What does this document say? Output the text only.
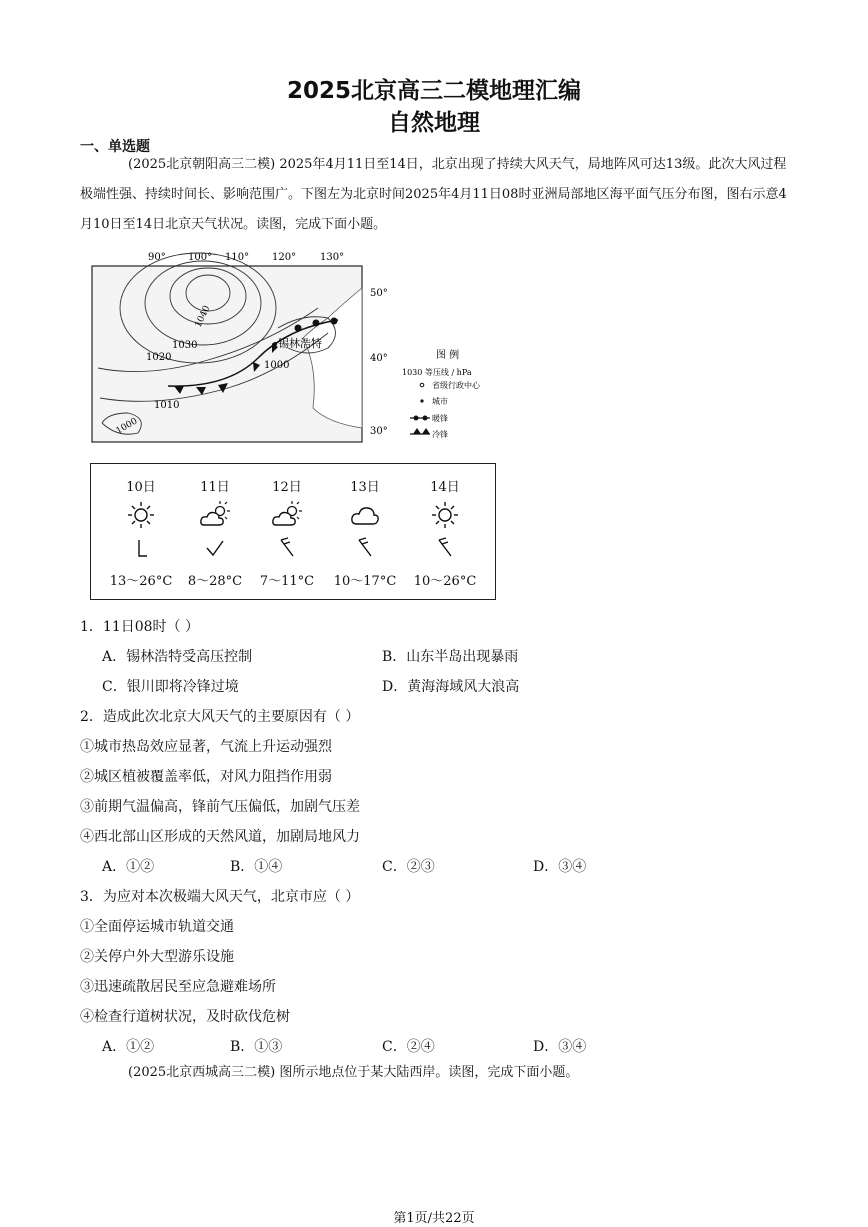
2025北京高三二模地理汇编
自然地理
一、单选题
(2025北京朝阳高三二模) 2025年4月11日至14日，北京出现了持续大风天气，局地阵风可达13级。此次大风过程极端性强、持续时间长、影响范围广。下图左为北京时间2025年4月11日08时亚洲局部地区海平面气压分布图，图右示意4月10日至14日北京天气状况。读图，完成下面小题。
90° 100° 110° 120° 130°
1040
1030
1020
1010
1000
1000
锡林浩特
50°
40°
30°
图 例
1030 等压线 / hPa
省级行政中心
城市
暖锋
冷锋
10日
13～26°C
11日
8～28°C
12日
7～11°C
13日
10～17°C
14日
10～26°C
1．11日08时（ ）
A．锡林浩特受高压控制	B．山东半岛出现暴雨
C．银川即将冷锋过境	D．黄海海域风大浪高
2．造成此次北京大风天气的主要原因有（ ）
①城市热岛效应显著，气流上升运动强烈
②城区植被覆盖率低，对风力阻挡作用弱
③前期气温偏高，锋前气压偏低，加剧气压差
④西北部山区形成的天然风道，加剧局地风力
A．①②	B．①④	C．②③	D．③④
3．为应对本次极端大风天气，北京市应（ ）
①全面停运城市轨道交通
②关停户外大型游乐设施
③迅速疏散居民至应急避难场所
④检查行道树状况，及时砍伐危树
A．①②	B．①③	C．②④	D．③④
(2025北京西城高三二模) 图所示地点位于某大陆西岸。读图，完成下面小题。
第1页/共22页
